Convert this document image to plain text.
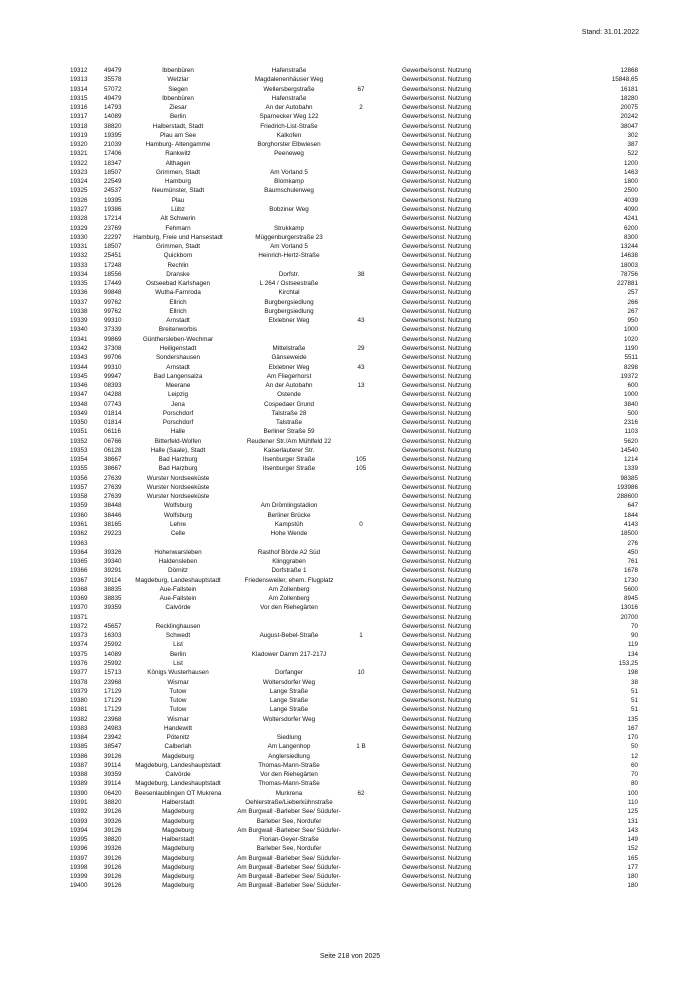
Stand: 31.01.2022
19312	49479	Ibbenbüren	Hafenstraße	Gewerbe/sonst. Nutzung	12868
19313	35578	Wetzlar	Magdalenenhäuser Weg	Gewerbe/sonst. Nutzung	15848,65
19314	57072	Siegen	Wellersbergstraße	67	Gewerbe/sonst. Nutzung	16181
19315	49479	Ibbenbüren	Hafenstraße	Gewerbe/sonst. Nutzung	18280
19316	14793	Ziesar	An der Autobahn	2	Gewerbe/sonst. Nutzung	20075
19317	14089	Berlin	Sparnecker Weg 122	Gewerbe/sonst. Nutzung	20242
19318	38820	Halberstadt, Stadt	Friedrich-List-Straße	Gewerbe/sonst. Nutzung	38047
19319	19395	Plau am See	Kalkofen	Gewerbe/sonst. Nutzung	302
19320	21039	Hamburg- Altengamme	Borghorster Elbwiesen	Gewerbe/sonst. Nutzung	387
19321	17406	Rankwitz	Peeneweg	Gewerbe/sonst. Nutzung	522
19322	18347	Althagen	Gewerbe/sonst. Nutzung	1200
19323	18507	Grimmen, Stadt	Am Vorland 5	Gewerbe/sonst. Nutzung	1463
19324	22549	Hamburg	Blomkamp	Gewerbe/sonst. Nutzung	1800
19325	24537	Neumünster, Stadt	Baumschulenweg	Gewerbe/sonst. Nutzung	2500
19326	19395	Plau	Gewerbe/sonst. Nutzung	4039
19327	19386	Lübz	Bobziner Weg	Gewerbe/sonst. Nutzung	4090
19328	17214	Alt Schwerin	Gewerbe/sonst. Nutzung	4241
19329	23769	Fehmarn	Strukkamp	Gewerbe/sonst. Nutzung	6200
19330	22297	Hamburg, Freie und Hansestadt	Müggenburgerstraße 23	Gewerbe/sonst. Nutzung	8300
19331	18507	Grimmen, Stadt	Am Vorland 5	Gewerbe/sonst. Nutzung	13244
19332	25451	Quickborn	Heinrich-Hertz-Straße	Gewerbe/sonst. Nutzung	14638
19333	17248	Rechlin	Gewerbe/sonst. Nutzung	18003
19334	18556	Dranske	Dorfstr.	38	Gewerbe/sonst. Nutzung	78756
19335	17449	Ostseebad Karlshagen	L 264 / Ostseestraße	Gewerbe/sonst. Nutzung	227881
19336	99848	Wutha-Farnroda	Kirchtal	Gewerbe/sonst. Nutzung	257
19337	99762	Ellrich	Burgbergsiedlung	Gewerbe/sonst. Nutzung	266
19338	99762	Ellrich	Burgbergsiedlung	Gewerbe/sonst. Nutzung	267
19339	99310	Arnstadt	Elxlebner Weg	43	Gewerbe/sonst. Nutzung	950
19340	37339	Breitenworbis	Gewerbe/sonst. Nutzung	1000
19341	99869	Günthersleben-Wechmar	Gewerbe/sonst. Nutzung	1020
19342	37308	Heiligenstadt	Mittelstraße	29	Gewerbe/sonst. Nutzung	1190
19343	99706	Sondershausen	Gänseweide	Gewerbe/sonst. Nutzung	5511
19344	99310	Arnstadt	Elxlebner Weg	43	Gewerbe/sonst. Nutzung	8298
19345	99947	Bad Langensalza	Am Fliegerhorst	Gewerbe/sonst. Nutzung	19372
19346	08393	Meerane	An der Autobahn	13	Gewerbe/sonst. Nutzung	600
19347	04288	Leipzig	Ostende	Gewerbe/sonst. Nutzung	1000
19348	07743	Jena	Cospedaer Grund	Gewerbe/sonst. Nutzung	3840
19349	01814	Porschdorf	Talstraße 28	Gewerbe/sonst. Nutzung	500
19350	01814	Porschdorf	Talstraße	Gewerbe/sonst. Nutzung	2316
19351	06116	Halle	Berliner Straße 59	Gewerbe/sonst. Nutzung	1103
19352	06766	Bitterfeld-Wolfen	Reudener Str./Am Mühlfeld 22	Gewerbe/sonst. Nutzung	5620
19353	06128	Halle (Saale), Stadt	Kaiserlauterer Str.	Gewerbe/sonst. Nutzung	14540
19354	38667	Bad Harzburg	Ilsenburger Straße	105	Gewerbe/sonst. Nutzung	1214
19355	38667	Bad Harzburg	Ilsenburger Straße	105	Gewerbe/sonst. Nutzung	1339
19356	27639	Wurster Nordseeküste	Gewerbe/sonst. Nutzung	98385
19357	27639	Wurster Nordseeküste	Gewerbe/sonst. Nutzung	193986
19358	27639	Wurster Nordseeküste	Gewerbe/sonst. Nutzung	288600
19359	38448	Wolfsburg	Am Drömlingstadion	Gewerbe/sonst. Nutzung	647
19360	38446	Wolfsburg	Berliner Brücke	Gewerbe/sonst. Nutzung	1844
19361	38165	Lehre	Kampstüh	0	Gewerbe/sonst. Nutzung	4143
19362	29223	Celle	Hohe Wende	Gewerbe/sonst. Nutzung	18500
19363	Gewerbe/sonst. Nutzung	276
19364	39326	Hohenwarsleben	Rasthof Börde A2 Süd	Gewerbe/sonst. Nutzung	450
19365	39340	Haldensleben	Klinggraben	Gewerbe/sonst. Nutzung	761
19366	39291	Dörnitz	Dorfstraße 1	Gewerbe/sonst. Nutzung	1678
19367	39114	Magdeburg, Landeshauptstadt	Friedensweiler, ehem. Flugplatz	Gewerbe/sonst. Nutzung	1730
19368	38835	Aue-Fallstein	Am Zollenberg	Gewerbe/sonst. Nutzung	5600
19369	38835	Aue-Fallstein	Am Zollenberg	Gewerbe/sonst. Nutzung	8945
19370	39359	Calvörde	Vor den Riehegärten	Gewerbe/sonst. Nutzung	13016
19371	Gewerbe/sonst. Nutzung	20700
19372	45657	Recklinghausen	Gewerbe/sonst. Nutzung	70
19373	16303	Schwedt	August-Bebel-Straße	1	Gewerbe/sonst. Nutzung	90
19374	25992	List	Gewerbe/sonst. Nutzung	119
19375	14089	Berlin	Kladower Damm 217-217J	Gewerbe/sonst. Nutzung	134
19376	25992	List	Gewerbe/sonst. Nutzung	153,25
19377	15713	Königs Wusterhausen	Dorfanger	10	Gewerbe/sonst. Nutzung	198
19378	23968	Wismar	Woltersdorfer Weg	Gewerbe/sonst. Nutzung	38
19379	17129	Tutow	Lange Straße	Gewerbe/sonst. Nutzung	51
19380	17129	Tutow	Lange Straße	Gewerbe/sonst. Nutzung	51
19381	17129	Tutow	Lange Straße	Gewerbe/sonst. Nutzung	51
19382	23968	Wismar	Woltersdorfer Weg	Gewerbe/sonst. Nutzung	135
19383	24983	Handewitt	Gewerbe/sonst. Nutzung	167
19384	23942	Pötenitz	Siedlung	Gewerbe/sonst. Nutzung	170
19385	38547	Calberlah	Am Langenhop	1 B	Gewerbe/sonst. Nutzung	50
19386	39126	Magdeburg	Anglersiedlung	Gewerbe/sonst. Nutzung	12
19387	39114	Magdeburg, Landeshauptstadt	Thomas-Mann-Straße	Gewerbe/sonst. Nutzung	60
19388	39359	Calvörde	Vor den Riehegärten	Gewerbe/sonst. Nutzung	70
19389	39114	Magdeburg, Landeshauptstadt	Thomas-Mann-Straße	Gewerbe/sonst. Nutzung	80
19390	06420	Beesenlaublingen OT Mukrena	Murkrena	62	Gewerbe/sonst. Nutzung	100
19391	38820	Halberstadt	Oehlerstraße/Lieberkühnstraße	Gewerbe/sonst. Nutzung	110
19392	39126	Magdeburg	Am Burgwall -Barleber See/ Südufer-	Gewerbe/sonst. Nutzung	125
19393	39326	Magdeburg	Barleber See, Nordufer	Gewerbe/sonst. Nutzung	131
19394	39126	Magdeburg	Am Burgwall -Barleber See/ Südufer-	Gewerbe/sonst. Nutzung	143
19395	38820	Halberstadt	Florian-Geyer-Straße	Gewerbe/sonst. Nutzung	149
19396	39326	Magdeburg	Barleber See, Nordufer	Gewerbe/sonst. Nutzung	152
19397	39126	Magdeburg	Am Burgwall -Barleber See/ Südufer-	Gewerbe/sonst. Nutzung	165
19398	39126	Magdeburg	Am Burgwall -Barleber See/ Südufer-	Gewerbe/sonst. Nutzung	177
19399	39126	Magdeburg	Am Burgwall -Barleber See/ Südufer-	Gewerbe/sonst. Nutzung	180
19400	39126	Magdeburg	Am Burgwall -Barleber See/ Südufer-	Gewerbe/sonst. Nutzung	180
Seite 218 von 2025
